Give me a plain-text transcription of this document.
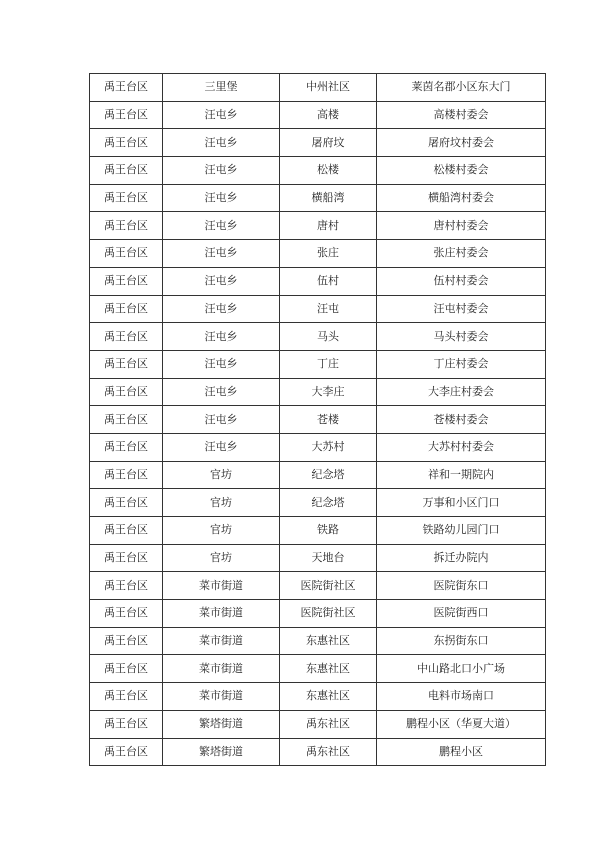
禹王台区	三里堡	中州社区	莱茵名郡小区东大门
禹王台区	汪屯乡	高楼	高楼村委会
禹王台区	汪屯乡	屠府坟	屠府坟村委会
禹王台区	汪屯乡	松楼	松楼村委会
禹王台区	汪屯乡	横船湾	横船湾村委会
禹王台区	汪屯乡	唐村	唐村村委会
禹王台区	汪屯乡	张庄	张庄村委会
禹王台区	汪屯乡	伍村	伍村村委会
禹王台区	汪屯乡	汪屯	汪屯村委会
禹王台区	汪屯乡	马头	马头村委会
禹王台区	汪屯乡	丁庄	丁庄村委会
禹王台区	汪屯乡	大李庄	大李庄村委会
禹王台区	汪屯乡	苍楼	苍楼村委会
禹王台区	汪屯乡	大苏村	大苏村村委会
禹王台区	官坊	纪念塔	祥和一期院内
禹王台区	官坊	纪念塔	万事和小区门口
禹王台区	官坊	铁路	铁路幼儿园门口
禹王台区	官坊	天地台	拆迁办院内
禹王台区	菜市街道	医院街社区	医院街东口
禹王台区	菜市街道	医院街社区	医院街西口
禹王台区	菜市街道	东惠社区	东拐街东口
禹王台区	菜市街道	东惠社区	中山路北口小广场
禹王台区	菜市街道	东惠社区	电料市场南口
禹王台区	繁塔街道	禹东社区	鹏程小区（华夏大道）
禹王台区	繁塔街道	禹东社区	鹏程小区
